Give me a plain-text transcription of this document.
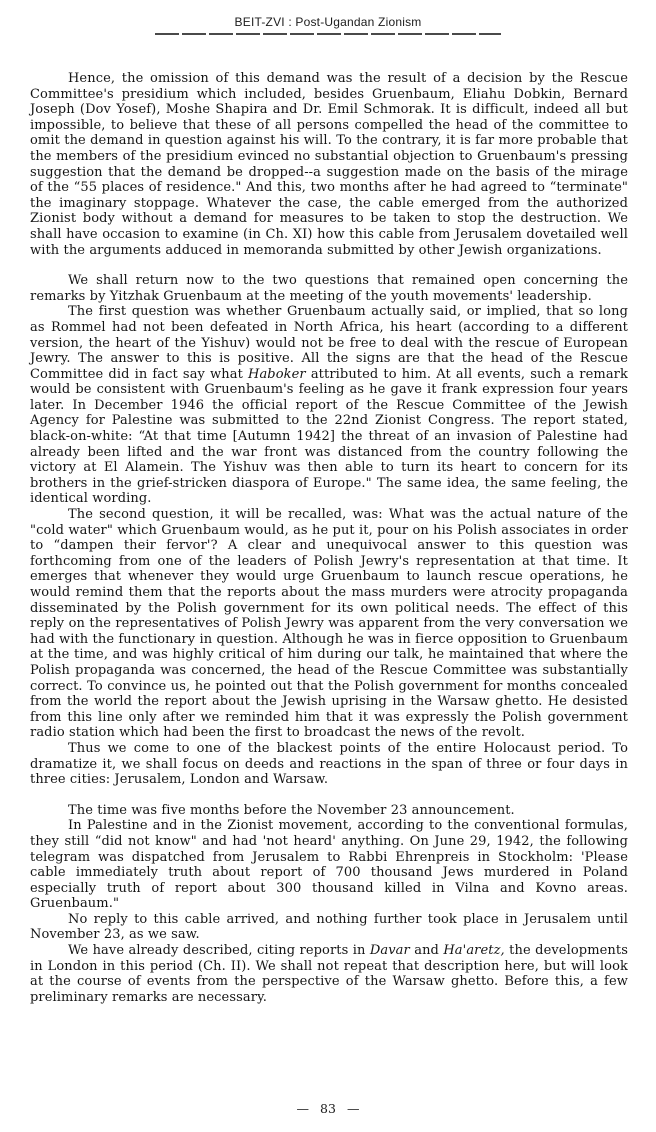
BEIT-ZVI : Post-Ugandan Zionism

Hence, the omission of this demand was the result of a decision by the Rescue Committee's presidium which included, besides Gruenbaum, Eliahu Dobkin, Bernard Joseph (Dov Yosef), Moshe Shapira and Dr. Emil Schmorak. It is difficult, indeed all but impossible, to believe that these of all persons compelled the head of the committee to omit the demand in question against his will. To the contrary, it is far more probable that the members of the presidium evinced no substantial objection to Gruenbaum's pressing suggestion that the demand be dropped--a suggestion made on the basis of the mirage of the “55 places of residence." And this, two months after he had agreed to “terminate" the imaginary stoppage. Whatever the case, the cable emerged from the authorized Zionist body without a demand for measures to be taken to stop the destruction. We shall have occasion to examine (in Ch. XI) how this cable from Jerusalem dovetailed well with the arguments adduced in memoranda submitted by other Jewish organizations.

We shall return now to the two questions that remained open concerning the remarks by Yitzhak Gruenbaum at the meeting of the youth movements' leadership.

The first question was whether Gruenbaum actually said, or implied, that so long as Rommel had not been defeated in North Africa, his heart (according to a different version, the heart of the Yishuv) would not be free to deal with the rescue of European Jewry. The answer to this is positive. All the signs are that the head of the Rescue Committee did in fact say what Haboker attributed to him. At all events, such a remark would be consistent with Gruenbaum's feeling as he gave it frank expression four years later. In December 1946 the official report of the Rescue Committee of the Jewish Agency for Palestine was submitted to the 22nd Zionist Congress. The report stated, black-on-white: “At that time [Autumn 1942] the threat of an invasion of Palestine had already been lifted and the war front was distanced from the country following the victory at El Alamein. The Yishuv was then able to turn its heart to concern for its brothers in the grief-stricken diaspora of Europe." The same idea, the same feeling, the identical wording.

The second question, it will be recalled, was: What was the actual nature of the "cold water" which Gruenbaum would, as he put it, pour on his Polish associates in order to “dampen their fervor'? A clear and unequivocal answer to this question was forthcoming from one of the leaders of Polish Jewry's representation at that time. It emerges that whenever they would urge Gruenbaum to launch rescue operations, he would remind them that the reports about the mass murders were atrocity propaganda disseminated by the Polish government for its own political needs. The effect of this reply on the representatives of Polish Jewry was apparent from the very conversation we had with the functionary in question. Although he was in fierce opposition to Gruenbaum at the time, and was highly critical of him during our talk, he maintained that where the Polish propaganda was concerned, the head of the Rescue Committee was substantially correct. To convince us, he pointed out that the Polish government for months concealed from the world the report about the Jewish uprising in the Warsaw ghetto. He desisted from this line only after we reminded him that it was expressly the Polish government radio station which had been the first to broadcast the news of the revolt.

Thus we come to one of the blackest points of the entire Holocaust period. To dramatize it, we shall focus on deeds and reactions in the span of three or four days in three cities: Jerusalem, London and Warsaw.

The time was five months before the November 23 announcement.

In Palestine and in the Zionist movement, according to the conventional formulas, they still “did not know" and had 'not heard' anything. On June 29, 1942, the following telegram was dispatched from Jerusalem to Rabbi Ehrenpreis in Stockholm: 'Please cable immediately truth about report of 700 thousand Jews murdered in Poland especially truth of report about 300 thousand killed in Vilna and Kovno areas. Gruenbaum."

No reply to this cable arrived, and nothing further took place in Jerusalem until November 23, as we saw.

We have already described, citing reports in Davar and Ha'aretz, the developments in London in this period (Ch. II). We shall not repeat that description here, but will look at the course of events from the perspective of the Warsaw ghetto. Before this, a few preliminary remarks are necessary.

— 83 —
